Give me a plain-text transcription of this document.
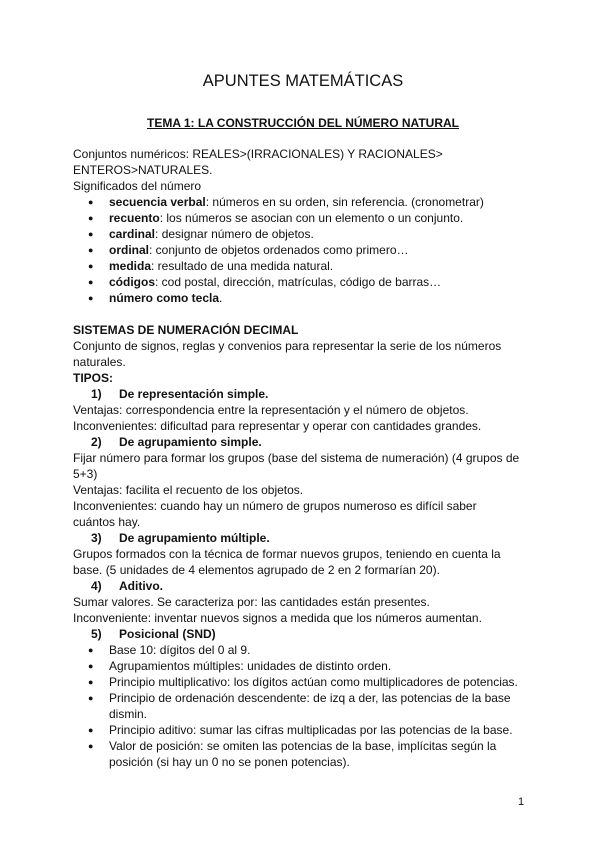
APUNTES MATEMÁTICAS
TEMA 1: LA CONSTRUCCIÓN DEL NÚMERO NATURAL

Conjuntos numéricos: REALES>(IRRACIONALES) Y RACIONALES>

ENTEROS>NATURALES.

Significados del número

● secuencia verbal: números en su orden, sin referencia. (cronometrar)
● recuento: los números se asocian con un elemento o un conjunto.
● cardinal: designar número de objetos.
● ordinal: conjunto de objetos ordenados como primero…
● medida: resultado de una medida natural.
● códigos: cod postal, dirección, matrículas, código de barras…
● número como tecla.

SISTEMAS DE NUMERACIÓN DECIMAL

Conjunto de signos, reglas y convenios para representar la serie de los números

naturales.

TIPOS:

1) De representación simple.

Ventajas: correspondencia entre la representación y el número de objetos.

Inconvenientes: dificultad para representar y operar con cantidades grandes.

2) De agrupamiento simple.

Fijar número para formar los grupos (base del sistema de numeración) (4 grupos de

5+3)

Ventajas: facilita el recuento de los objetos.

Inconvenientes: cuando hay un número de grupos numeroso es difícil saber

cuántos hay.

3) De agrupamiento múltiple.

Grupos formados con la técnica de formar nuevos grupos, teniendo en cuenta la

base. (5 unidades de 4 elementos agrupado de 2 en 2 formarían 20).

4) Aditivo.

Sumar valores. Se caracteriza por: las cantidades están presentes.

Inconveniente: inventar nuevos signos a medida que los números aumentan.

5) Posicional (SND)

● Base 10: dígitos del 0 al 9.
● Agrupamientos múltiples: unidades de distinto orden.
● Principio multiplicativo: los dígitos actúan como multiplicadores de potencias.
● Principio de ordenación descendente: de izq a der, las potencias de la base

dismin.

● Principio aditivo: sumar las cifras multiplicadas por las potencias de la base.
● Valor de posición: se omiten las potencias de la base, implícitas según la

posición (si hay un 0 no se ponen potencias).

1
